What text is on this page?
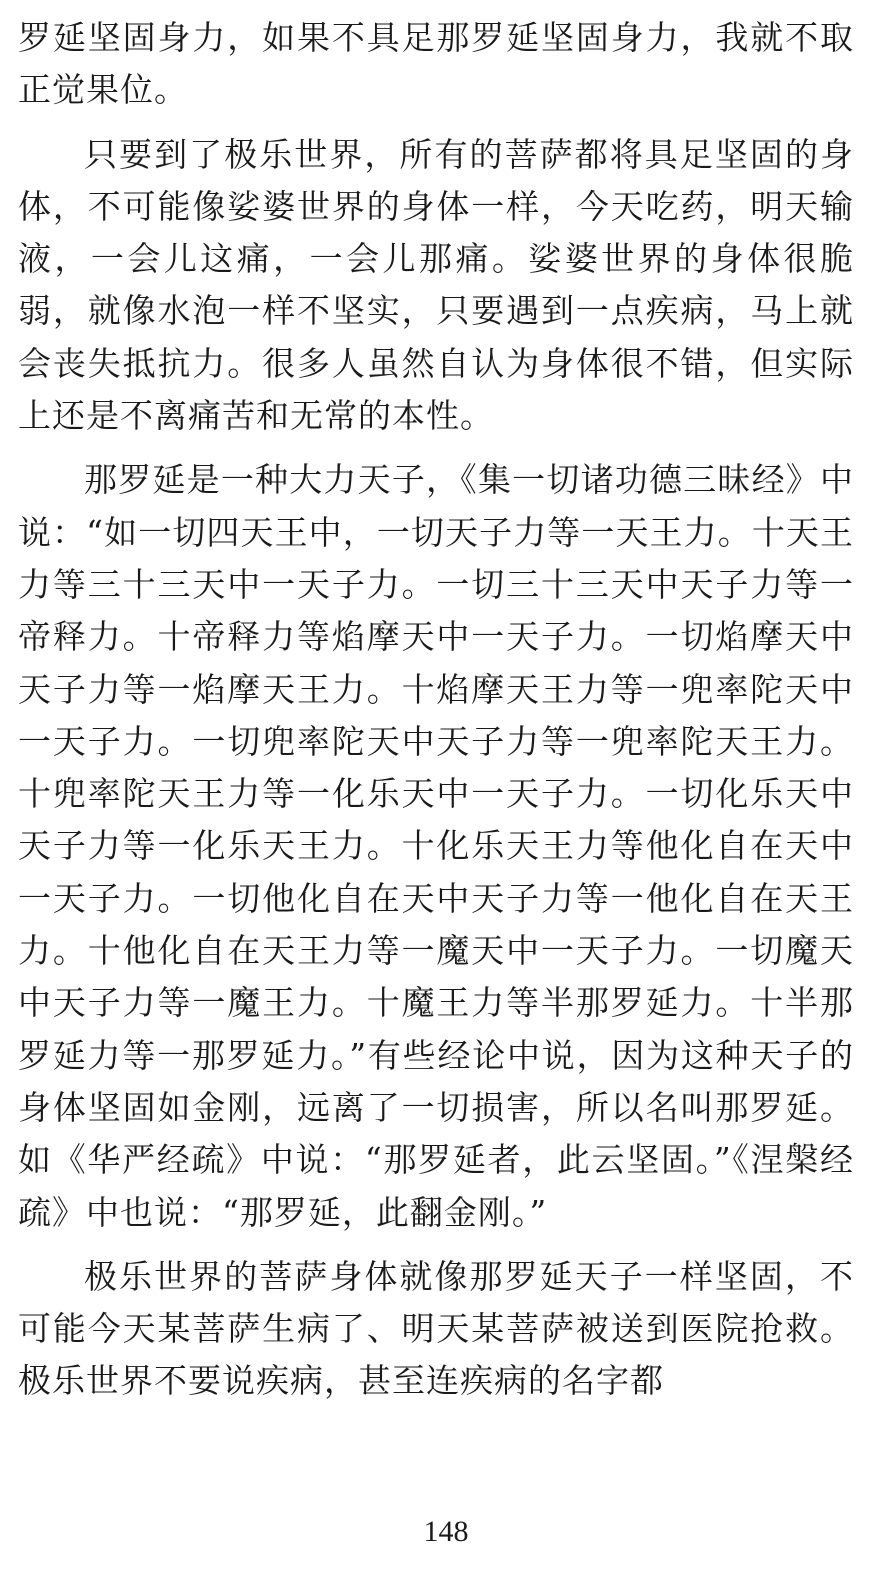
罗延坚固身力，如果不具足那罗延坚固身力，我就不取正觉果位。

只要到了极乐世界，所有的菩萨都将具足坚固的身体，不可能像娑婆世界的身体一样，今天吃药，明天输液，一会儿这痛，一会儿那痛。娑婆世界的身体很脆弱，就像水泡一样不坚实，只要遇到一点疾病，马上就会丧失抵抗力。很多人虽然自认为身体很不错，但实际上还是不离痛苦和无常的本性。

那罗延是一种大力天子，《集一切诸功德三昧经》中说：“如一切四天王中，一切天子力等一天王力。十天王力等三十三天中一天子力。一切三十三天中天子力等一帝释力。十帝释力等焰摩天中一天子力。一切焰摩天中天子力等一焰摩天王力。十焰摩天王力等一兜率陀天中一天子力。一切兜率陀天中天子力等一兜率陀天王力。十兜率陀天王力等一化乐天中一天子力。一切化乐天中天子力等一化乐天王力。十化乐天王力等他化自在天中一天子力。一切他化自在天中天子力等一他化自在天王力。十他化自在天王力等一魔天中一天子力。一切魔天中天子力等一魔王力。十魔王力等半那罗延力。十半那罗延力等一那罗延力。”有些经论中说，因为这种天子的身体坚固如金刚，远离了一切损害，所以名叫那罗延。如《华严经疏》中说：“那罗延者，此云坚固。”《涅槃经疏》中也说：“那罗延，此翻金刚。”

极乐世界的菩萨身体就像那罗延天子一样坚固，不可能今天某菩萨生病了、明天某菩萨被送到医院抢救。极乐世界不要说疾病，甚至连疾病的名字都

148
